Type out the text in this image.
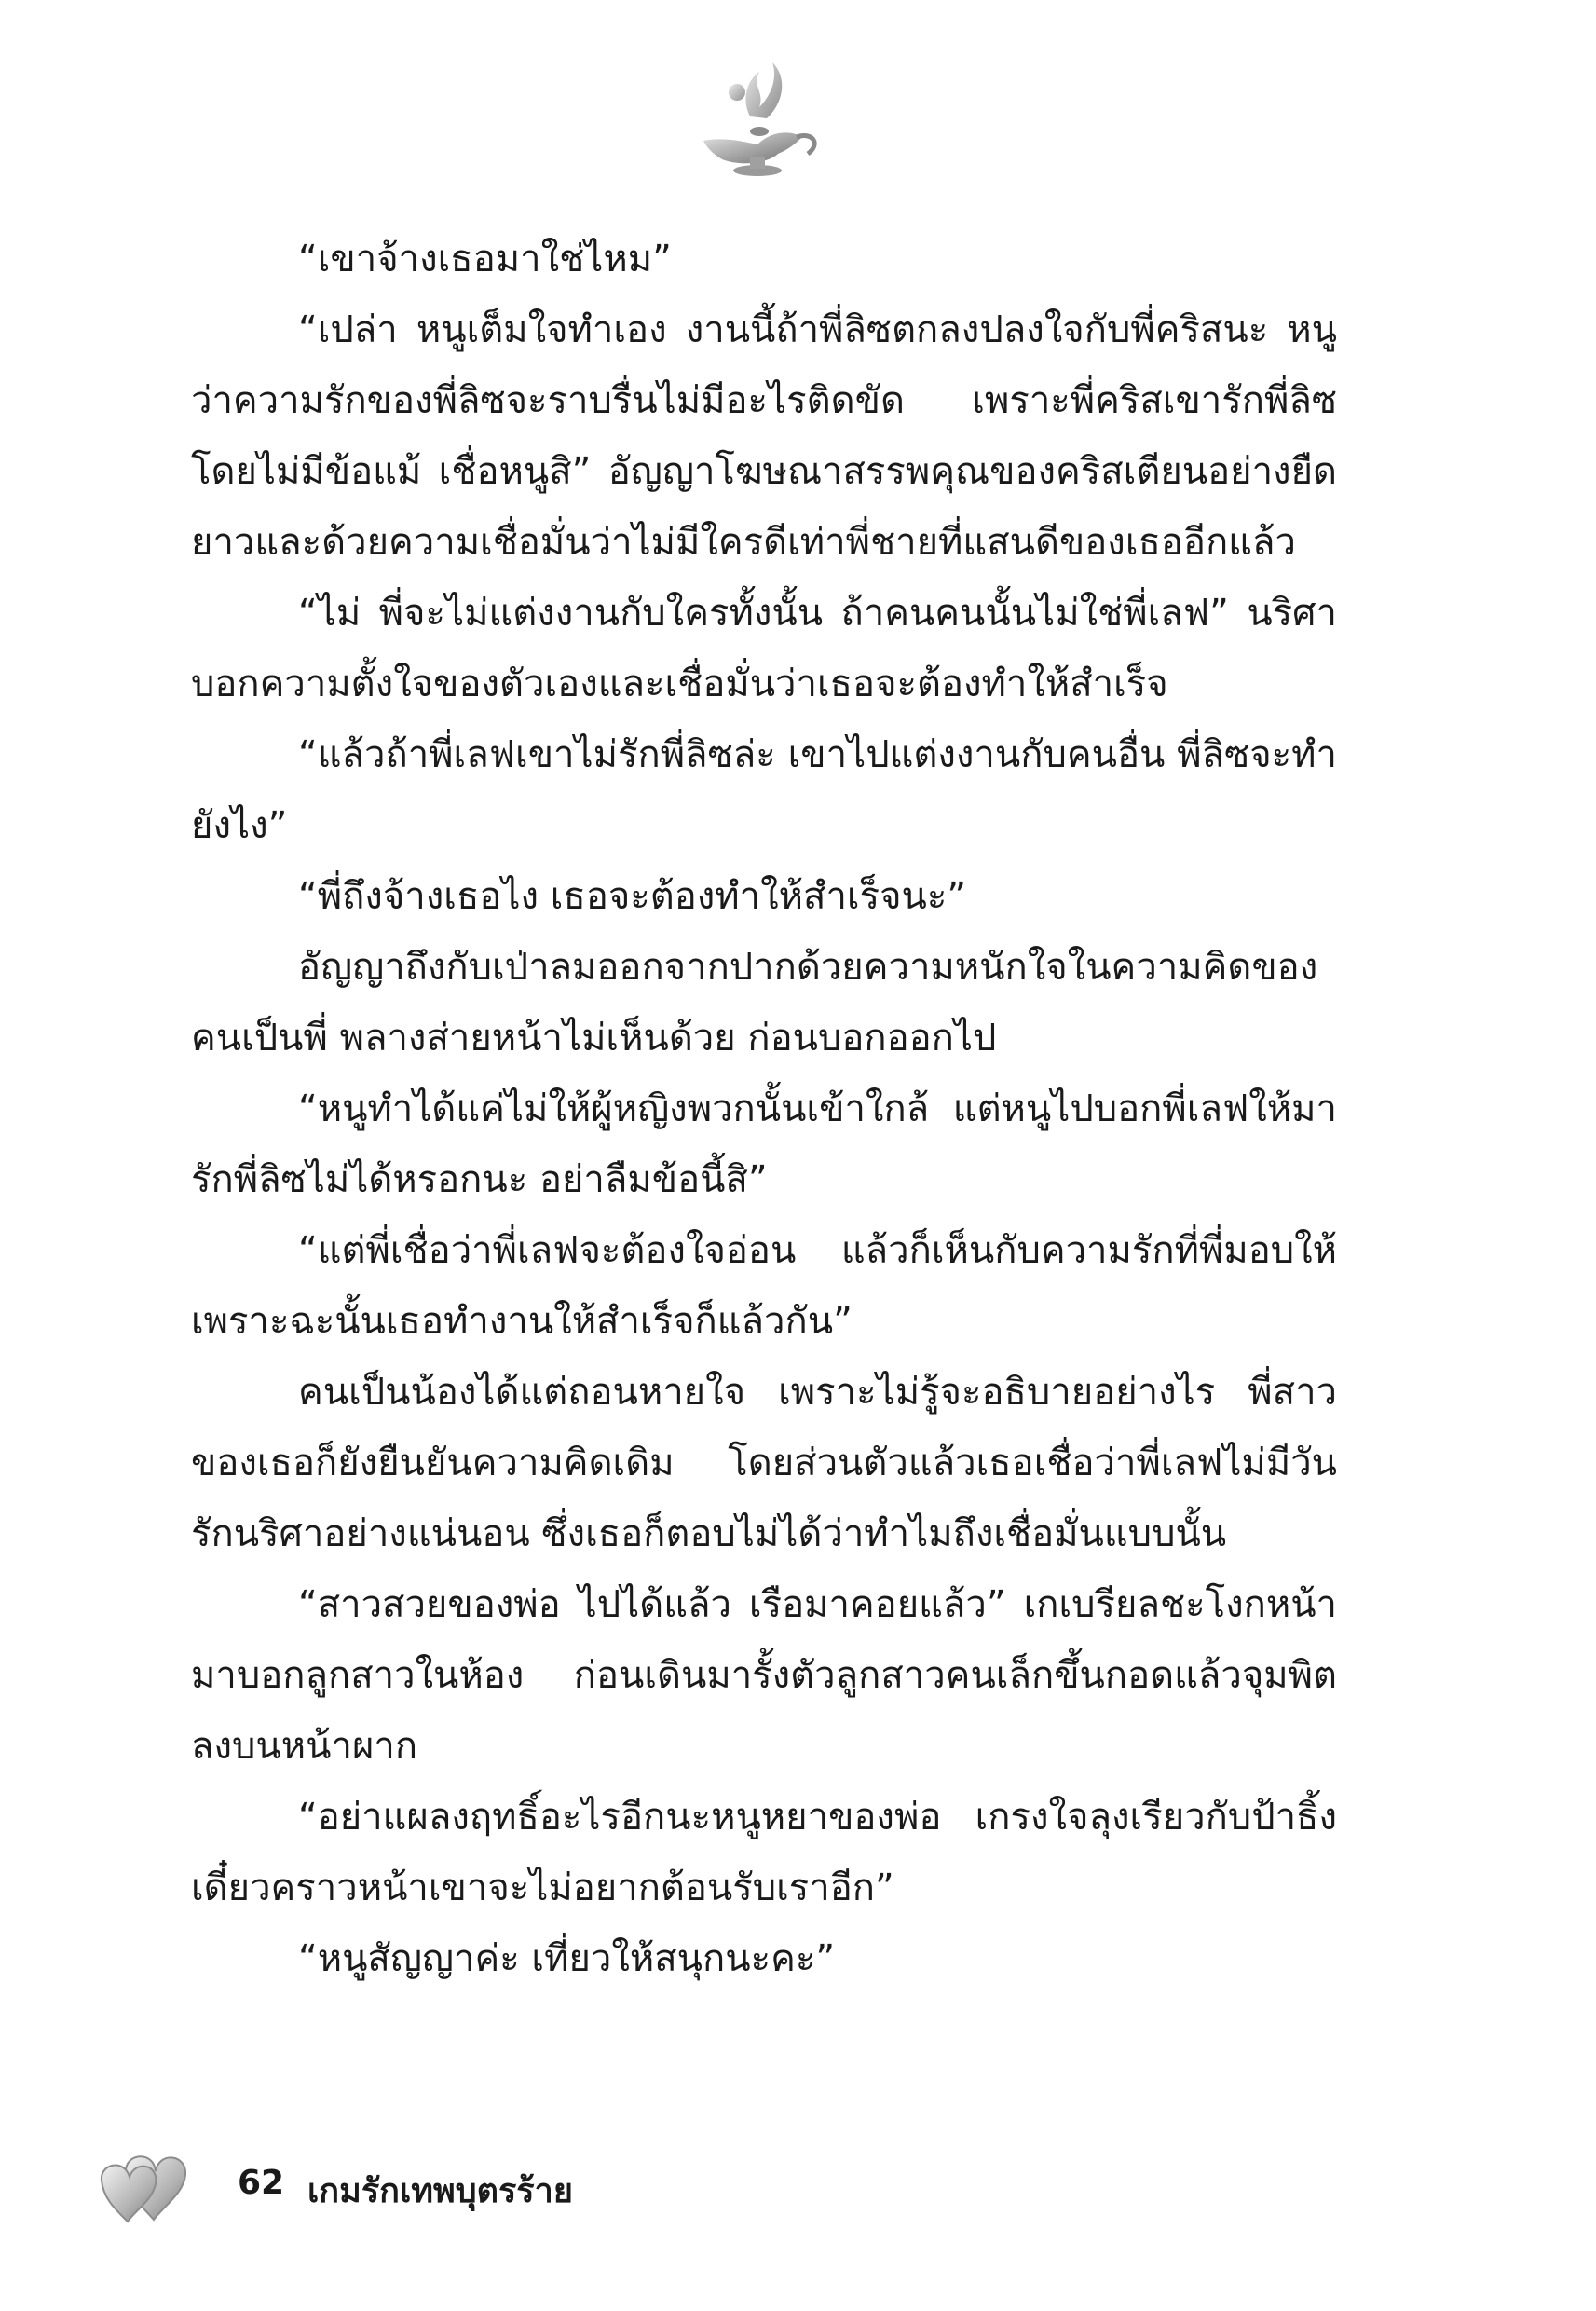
“เขาจ้างเธอมาใช่ไหม”

“เปล่า หนูเต็มใจทำเอง งานนี้ถ้าพี่ลิซตกลงปลงใจกับพี่คริสนะ หนูว่าความรักของพี่ลิซจะราบรื่นไม่มีอะไรติดขัด เพราะพี่คริสเขารักพี่ลิซโดยไม่มีข้อแม้ เชื่อหนูสิ” อัญญาโฆษณาสรรพคุณของคริสเตียนอย่างยืดยาวและด้วยความเชื่อมั่นว่าไม่มีใครดีเท่าพี่ชายที่แสนดีของเธออีกแล้ว

“ไม่ พี่จะไม่แต่งงานกับใครทั้งนั้น ถ้าคนคนนั้นไม่ใช่พี่เลฟ” นริศาบอกความตั้งใจของตัวเองและเชื่อมั่นว่าเธอจะต้องทำให้สำเร็จ

“แล้วถ้าพี่เลฟเขาไม่รักพี่ลิซล่ะ เขาไปแต่งงานกับคนอื่น พี่ลิซจะทำยังไง”

“พี่ถึงจ้างเธอไง เธอจะต้องทำให้สำเร็จนะ”

อัญญาถึงกับเป่าลมออกจากปากด้วยความหนักใจในความคิดของคนเป็นพี่ พลางส่ายหน้าไม่เห็นด้วย ก่อนบอกออกไป

“หนูทำได้แค่ไม่ให้ผู้หญิงพวกนั้นเข้าใกล้ แต่หนูไปบอกพี่เลฟให้มารักพี่ลิซไม่ได้หรอกนะ อย่าลืมข้อนี้สิ”

“แต่พี่เชื่อว่าพี่เลฟจะต้องใจอ่อน แล้วก็เห็นกับความรักที่พี่มอบให้ เพราะฉะนั้นเธอทำงานให้สำเร็จก็แล้วกัน”

คนเป็นน้องได้แต่ถอนหายใจ เพราะไม่รู้จะอธิบายอย่างไร พี่สาวของเธอก็ยังยืนยันความคิดเดิม โดยส่วนตัวแล้วเธอเชื่อว่าพี่เลฟไม่มีวันรักนริศาอย่างแน่นอน ซึ่งเธอก็ตอบไม่ได้ว่าทำไมถึงเชื่อมั่นแบบนั้น

“สาวสวยของพ่อ ไปได้แล้ว เรือมาคอยแล้ว” เกเบรียลชะโงกหน้ามาบอกลูกสาวในห้อง ก่อนเดินมารั้งตัวลูกสาวคนเล็กขึ้นกอดแล้วจุมพิตลงบนหน้าผาก

“อย่าแผลงฤทธิ์อะไรอีกนะหนูหยาของพ่อ เกรงใจลุงเรียวกับป้าธิ้ง เดี๋ยวคราวหน้าเขาจะไม่อยากต้อนรับเราอีก”

“หนูสัญญาค่ะ เที่ยวให้สนุกนะคะ”

62 เกมรักเทพบุตรร้าย
